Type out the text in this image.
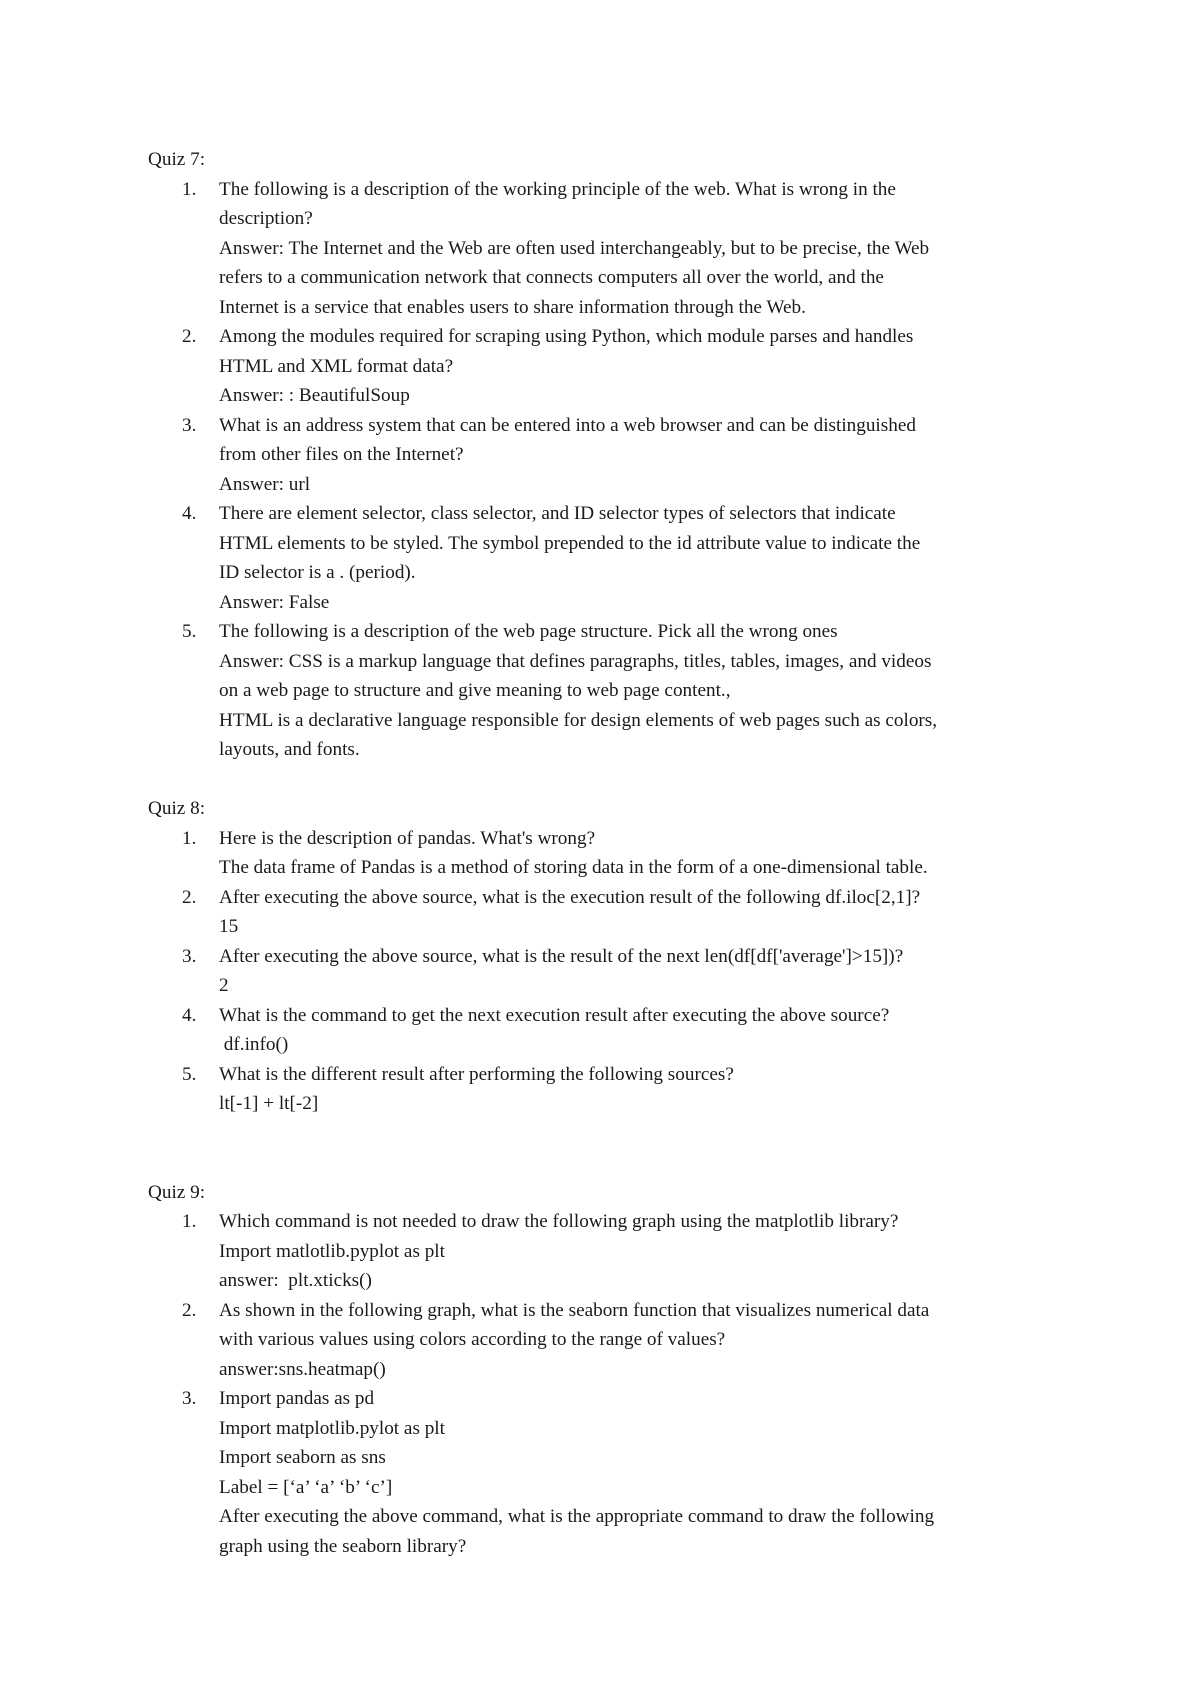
Quiz 7:
1. The following is a description of the working principle of the web. What is wrong in the
description?
Answer: The Internet and the Web are often used interchangeably, but to be precise, the Web
refers to a communication network that connects computers all over the world, and the
Internet is a service that enables users to share information through the Web.
2. Among the modules required for scraping using Python, which module parses and handles
HTML and XML format data?
Answer: : BeautifulSoup
3. What is an address system that can be entered into a web browser and can be distinguished
from other files on the Internet?
Answer: url
4. There are element selector, class selector, and ID selector types of selectors that indicate
HTML elements to be styled. The symbol prepended to the id attribute value to indicate the
ID selector is a . (period).
Answer: False
5. The following is a description of the web page structure. Pick all the wrong ones
Answer: CSS is a markup language that defines paragraphs, titles, tables, images, and videos
on a web page to structure and give meaning to web page content.,
HTML is a declarative language responsible for design elements of web pages such as colors,
layouts, and fonts.
Quiz 8:
1. Here is the description of pandas. What's wrong?
The data frame of Pandas is a method of storing data in the form of a one-dimensional table.
2. After executing the above source, what is the execution result of the following df.iloc[2,1]?
15
3. After executing the above source, what is the result of the next len(df[df['average']>15])?
2
4. What is the command to get the next execution result after executing the above source?
df.info()
5. What is the different result after performing the following sources?
lt[-1] + lt[-2]
Quiz 9:
1. Which command is not needed to draw the following graph using the matplotlib library?
Import matlotlib.pyplot as plt
answer:  plt.xticks()
2. As shown in the following graph, what is the seaborn function that visualizes numerical data
with various values using colors according to the range of values?
answer:sns.heatmap()
3. Import pandas as pd
Import matplotlib.pylot as plt
Import seaborn as sns
Label = [‘a’ ‘a’ ‘b’ ‘c’]
After executing the above command, what is the appropriate command to draw the following
graph using the seaborn library?
